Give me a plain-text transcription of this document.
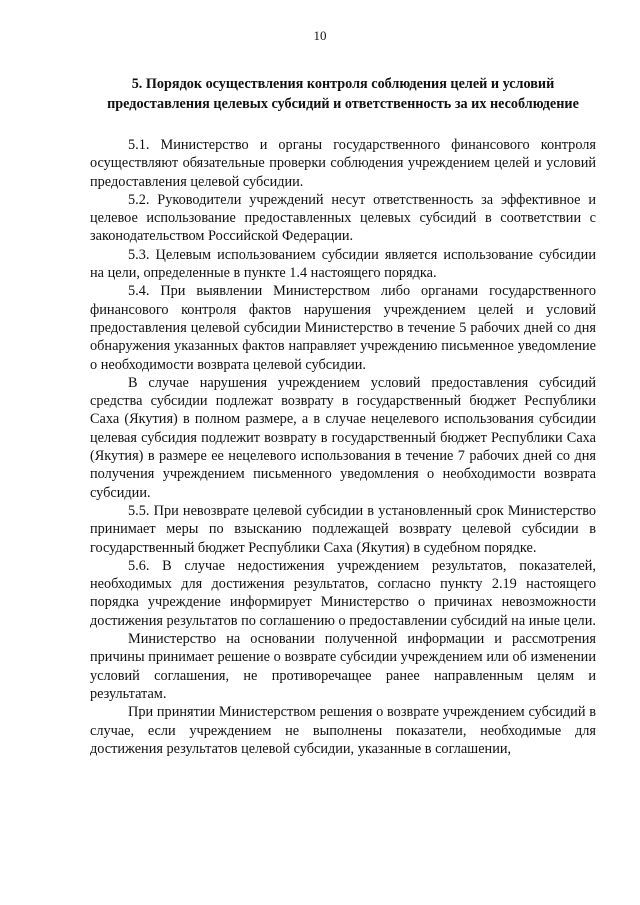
10
5. Порядок осуществления контроля соблюдения целей и условий
предоставления целевых субсидий и ответственность за их несоблюдение

5.1. Министерство и органы государственного финансового контроля осуществляют обязательные проверки соблюдения учреждением целей и условий предоставления целевой субсидии.

5.2. Руководители учреждений несут ответственность за эффективное и целевое использование предоставленных целевых субсидий в соответствии с законодательством Российской Федерации.

5.3. Целевым использованием субсидии является использование субсидии на цели, определенные в пункте 1.4 настоящего порядка.

5.4. При выявлении Министерством либо органами государственного финансового контроля фактов нарушения учреждением целей и условий предоставления целевой субсидии Министерство в течение 5 рабочих дней со дня обнаружения указанных фактов направляет учреждению письменное уведомление о необходимости возврата целевой субсидии.

В случае нарушения учреждением условий предоставления субсидий средства субсидии подлежат возврату в государственный бюджет Республики Саха (Якутия) в полном размере, а в случае нецелевого использования субсидии целевая субсидия подлежит возврату в государственный бюджет Республики Саха (Якутия) в размере ее нецелевого использования в течение 7 рабочих дней со дня получения учреждением письменного уведомления о необходимости возврата субсидии.

5.5. При невозврате целевой субсидии в установленный срок Министерство принимает меры по взысканию подлежащей возврату целевой субсидии в государственный бюджет Республики Саха (Якутия) в судебном порядке.

5.6. В случае недостижения учреждением результатов, показателей, необходимых для достижения результатов, согласно пункту 2.19 настоящего порядка учреждение информирует Министерство о причинах невозможности достижения результатов по соглашению о предоставлении субсидий на иные цели.

Министерство на основании полученной информации и рассмотрения причины принимает решение о возврате субсидии учреждением или об изменении условий соглашения, не противоречащее ранее направленным целям и результатам.

При принятии Министерством решения о возврате учреждением субсидий в случае, если учреждением не выполнены показатели, необходимые для достижения результатов целевой субсидии, указанные в соглашении,
